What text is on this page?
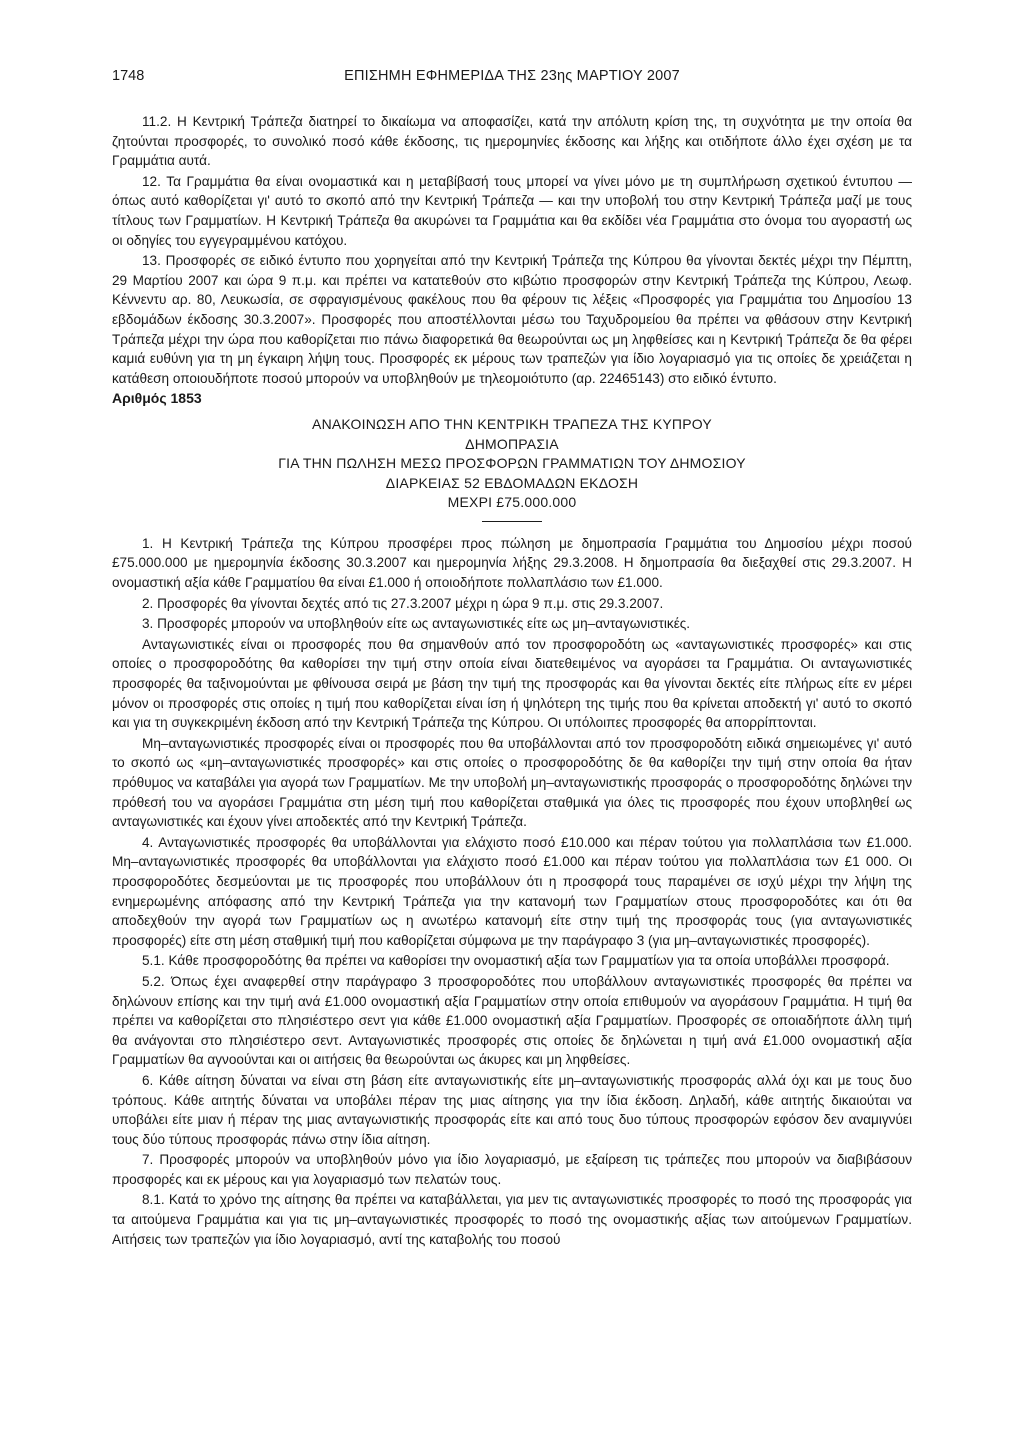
1748	ΕΠΙΣΗΜΗ ΕΦΗΜΕΡΙΔΑ ΤΗΣ 23ης ΜΑΡΤΙΟΥ 2007

11.2. Η Κεντρική Τράπεζα διατηρεί το δικαίωμα να αποφασίζει, κατά την απόλυτη κρίση της, τη συχνότητα με την οποία θα ζητούνται προσφορές, το συνολικό ποσό κάθε έκδοσης, τις ημερομηνίες έκδοσης και λήξης και οτιδήποτε άλλο έχει σχέση με τα Γραμμάτια αυτά.

12. Τα Γραμμάτια θα είναι ονομαστικά και η μεταβίβασή τους μπορεί να γίνει μόνο με τη συμπλήρωση σχετικού έντυπου — όπως αυτό καθορίζεται γι' αυτό το σκοπό από την Κεντρική Τράπεζα — και την υποβολή του στην Κεντρική Τράπεζα μαζί με τους τίτλους των Γραμματίων. Η Κεντρική Τράπεζα θα ακυρώνει τα Γραμμάτια και θα εκδίδει νέα Γραμμάτια στο όνομα του αγοραστή ως οι οδηγίες του εγγεγραμμένου κατόχου.

13. Προσφορές σε ειδικό έντυπο που χορηγείται από την Κεντρική Τράπεζα της Κύπρου θα γίνονται δεκτές μέχρι την Πέμπτη, 29 Μαρτίου 2007 και ώρα 9 π.μ. και πρέπει να κατατεθούν στο κιβώτιο προσφορών στην Κεντρική Τράπεζα της Κύπρου, Λεωφ. Κέννεντυ αρ. 80, Λευκωσία, σε σφραγισμένους φακέλους που θα φέρουν τις λέξεις «Προσφορές για Γραμμάτια του Δημοσίου 13 εβδομάδων έκδοσης 30.3.2007». Προσφορές που αποστέλλονται μέσω του Ταχυδρομείου θα πρέπει να φθάσουν στην Κεντρική Τράπεζα μέχρι την ώρα που καθορίζεται πιο πάνω διαφορετικά θα θεωρούνται ως μη ληφθείσες και η Κεντρική Τράπεζα δε θα φέρει καμιά ευθύνη για τη μη έγκαιρη λήψη τους. Προσφορές εκ μέρους των τραπεζών για ίδιο λογαριασμό για τις οποίες δε χρειάζεται η κατάθεση οποιουδήποτε ποσού μπορούν να υποβληθούν με τηλεομοιότυπο (αρ. 22465143) στο ειδικό έντυπο.

Αριθμός 1853

ΑΝΑΚΟΙΝΩΣΗ ΑΠΟ ΤΗΝ ΚΕΝΤΡΙΚΗ ΤΡΑΠΕΖΑ ΤΗΣ ΚΥΠΡΟΥ
ΔΗΜΟΠΡΑΣΙΑ
ΓΙΑ ΤΗΝ ΠΩΛΗΣΗ ΜΕΣΩ ΠΡΟΣΦΟΡΩΝ ΓΡΑΜΜΑΤΙΩΝ ΤΟΥ ΔΗΜΟΣΙΟΥ
ΔΙΑΡΚΕΙΑΣ 52 ΕΒΔΟΜΑΔΩΝ ΕΚΔΟΣΗ
ΜΕΧΡΙ £75.000.000

1. Η Κεντρική Τράπεζα της Κύπρου προσφέρει προς πώληση με δημοπρασία Γραμμάτια του Δημοσίου μέχρι ποσού £75.000.000 με ημερομηνία έκδοσης 30.3.2007 και ημερομηνία λήξης 29.3.2008. Η δημοπρασία θα διεξαχθεί στις 29.3.2007. Η ονομαστική αξία κάθε Γραμματίου θα είναι £1.000 ή οποιοδήποτε πολλαπλάσιο των £1.000.

2. Προσφορές θα γίνονται δεχτές από τις 27.3.2007 μέχρι η ώρα 9 π.μ. στις 29.3.2007.

3. Προσφορές μπορούν να υποβληθούν είτε ως ανταγωνιστικές είτε ως μη–ανταγωνιστικές.

Ανταγωνιστικές είναι οι προσφορές που θα σημανθούν από τον προσφοροδότη ως «ανταγωνιστικές προσφορές» και στις οποίες ο προσφοροδότης θα καθορίσει την τιμή στην οποία είναι διατεθειμένος να αγοράσει τα Γραμμάτια. Οι ανταγωνιστικές προσφορές θα ταξινομούνται με φθίνουσα σειρά με βάση την τιμή της προσφοράς και θα γίνονται δεκτές είτε πλήρως είτε εν μέρει μόνον οι προσφορές στις οποίες η τιμή που καθορίζεται είναι ίση ή ψηλότερη της τιμής που θα κρίνεται αποδεκτή γι' αυτό το σκοπό και για τη συγκεκριμένη έκδοση από την Κεντρική Τράπεζα της Κύπρου. Οι υπόλοιπες προσφορές θα απορρίπτονται.

Μη–ανταγωνιστικές προσφορές είναι οι προσφορές που θα υποβάλλονται από τον προσφοροδότη ειδικά σημειωμένες γι' αυτό το σκοπό ως «μη–ανταγωνιστικές προσφορές» και στις οποίες ο προσφοροδότης δε θα καθορίζει την τιμή στην οποία θα ήταν πρόθυμος να καταβάλει για αγορά των Γραμματίων. Με την υποβολή μη–ανταγωνιστικής προσφοράς ο προσφοροδότης δηλώνει την πρόθεσή του να αγοράσει Γραμμάτια στη μέση τιμή που καθορίζεται σταθμικά για όλες τις προσφορές που έχουν υποβληθεί ως ανταγωνιστικές και έχουν γίνει αποδεκτές από την Κεντρική Τράπεζα.

4. Ανταγωνιστικές προσφορές θα υποβάλλονται για ελάχιστο ποσό £10.000 και πέραν τούτου για πολλαπλάσια των £1.000. Μη–ανταγωνιστικές προσφορές θα υποβάλλονται για ελάχιστο ποσό £1.000 και πέραν τούτου για πολλαπλάσια των £1 000. Οι προσφοροδότες δεσμεύονται με τις προσφορές που υποβάλλουν ότι η προσφορά τους παραμένει σε ισχύ μέχρι την λήψη της ενημερωμένης απόφασης από την Κεντρική Τράπεζα για την κατανομή των Γραμματίων στους προσφοροδότες και ότι θα αποδεχθούν την αγορά των Γραμματίων ως η ανωτέρω κατανομή είτε στην τιμή της προσφοράς τους (για ανταγωνιστικές προσφορές) είτε στη μέση σταθμική τιμή που καθορίζεται σύμφωνα με την παράγραφο 3 (για μη–ανταγωνιστικές προσφορές).

5.1. Κάθε προσφοροδότης θα πρέπει να καθορίσει την ονομαστική αξία των Γραμματίων για τα οποία υποβάλλει προσφορά.

5.2. Όπως έχει αναφερθεί στην παράγραφο 3 προσφοροδότες που υποβάλλουν ανταγωνιστικές προσφορές θα πρέπει να δηλώνουν επίσης και την τιμή ανά £1.000 ονομαστική αξία Γραμματίων στην οποία επιθυμούν να αγοράσουν Γραμμάτια. Η τιμή θα πρέπει να καθορίζεται στο πλησιέστερο σεντ για κάθε £1.000 ονομαστική αξία Γραμματίων. Προσφορές σε οποιαδήποτε άλλη τιμή θα ανάγονται στο πλησιέστερο σεντ. Ανταγωνιστικές προσφορές στις οποίες δε δηλώνεται η τιμή ανά £1.000 ονομαστική αξία Γραμματίων θα αγνοούνται και οι αιτήσεις θα θεωρούνται ως άκυρες και μη ληφθείσες.

6. Κάθε αίτηση δύναται να είναι στη βάση είτε ανταγωνιστικής είτε μη–ανταγωνιστικής προσφοράς αλλά όχι και με τους δυο τρόπους. Κάθε αιτητής δύναται να υποβάλει πέραν της μιας αίτησης για την ίδια έκδοση. Δηλαδή, κάθε αιτητής δικαιούται να υποβάλει είτε μιαν ή πέραν της μιας ανταγωνιστικής προσφοράς είτε και από τους δυο τύπους προσφορών εφόσον δεν αναμιγνύει τους δύο τύπους προσφοράς πάνω στην ίδια αίτηση.

7. Προσφορές μπορούν να υποβληθούν μόνο για ίδιο λογαριασμό, με εξαίρεση τις τράπεζες που μπορούν να διαβιβάσουν προσφορές και εκ μέρους και για λογαριασμό των πελατών τους.

8.1. Κατά το χρόνο της αίτησης θα πρέπει να καταβάλλεται, για μεν τις ανταγωνιστικές προσφορές το ποσό της προσφοράς για τα αιτούμενα Γραμμάτια και για τις μη–ανταγωνιστικές προσφορές το ποσό της ονομαστικής αξίας των αιτούμενων Γραμματίων. Αιτήσεις των τραπεζών για ίδιο λογαριασμό, αντί της καταβολής του ποσού
